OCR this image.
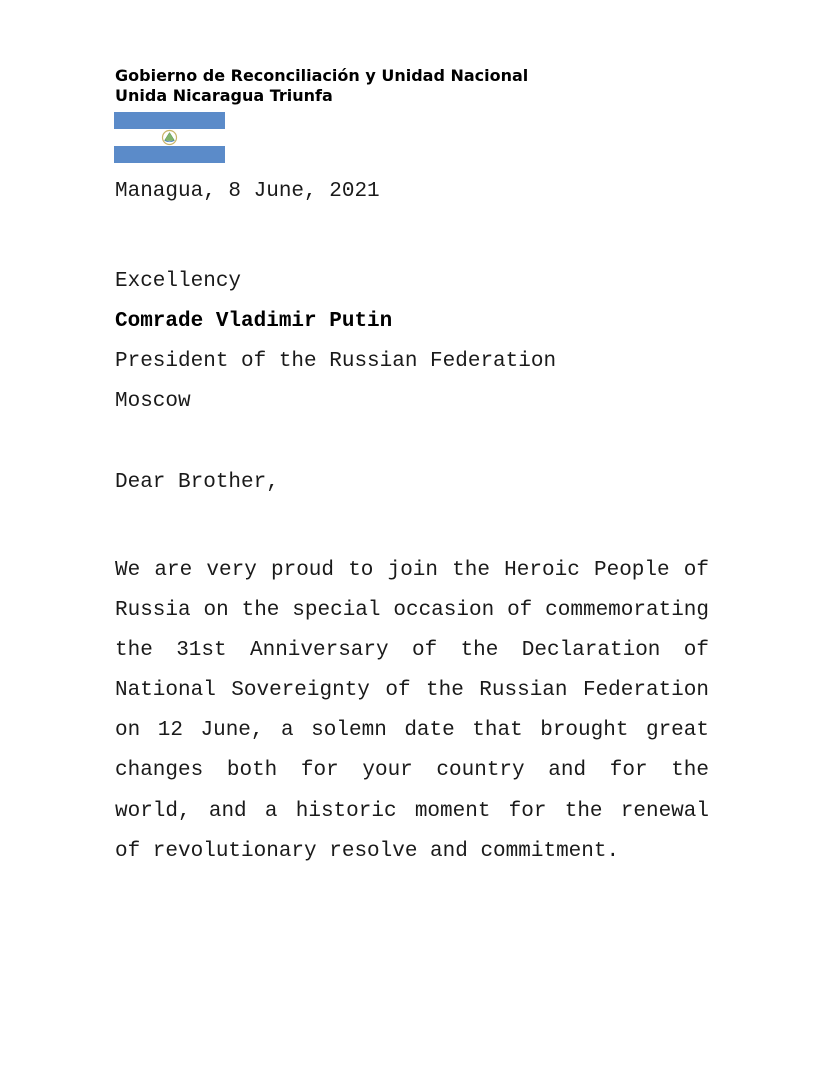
Gobierno de Reconciliación y Unidad Nacional
Unida Nicaragua Triunfa
Managua, 8 June, 2021
Excellency
Comrade Vladimir Putin
President of the Russian Federation
Moscow
Dear Brother,
We are very proud to join the Heroic People of
Russia on the special occasion of commemorating
the 31st Anniversary of the Declaration of
National Sovereignty of the Russian Federation
on 12 June, a solemn date that brought great
changes both for your country and for the
world, and a historic moment for the renewal
of revolutionary resolve and commitment.
